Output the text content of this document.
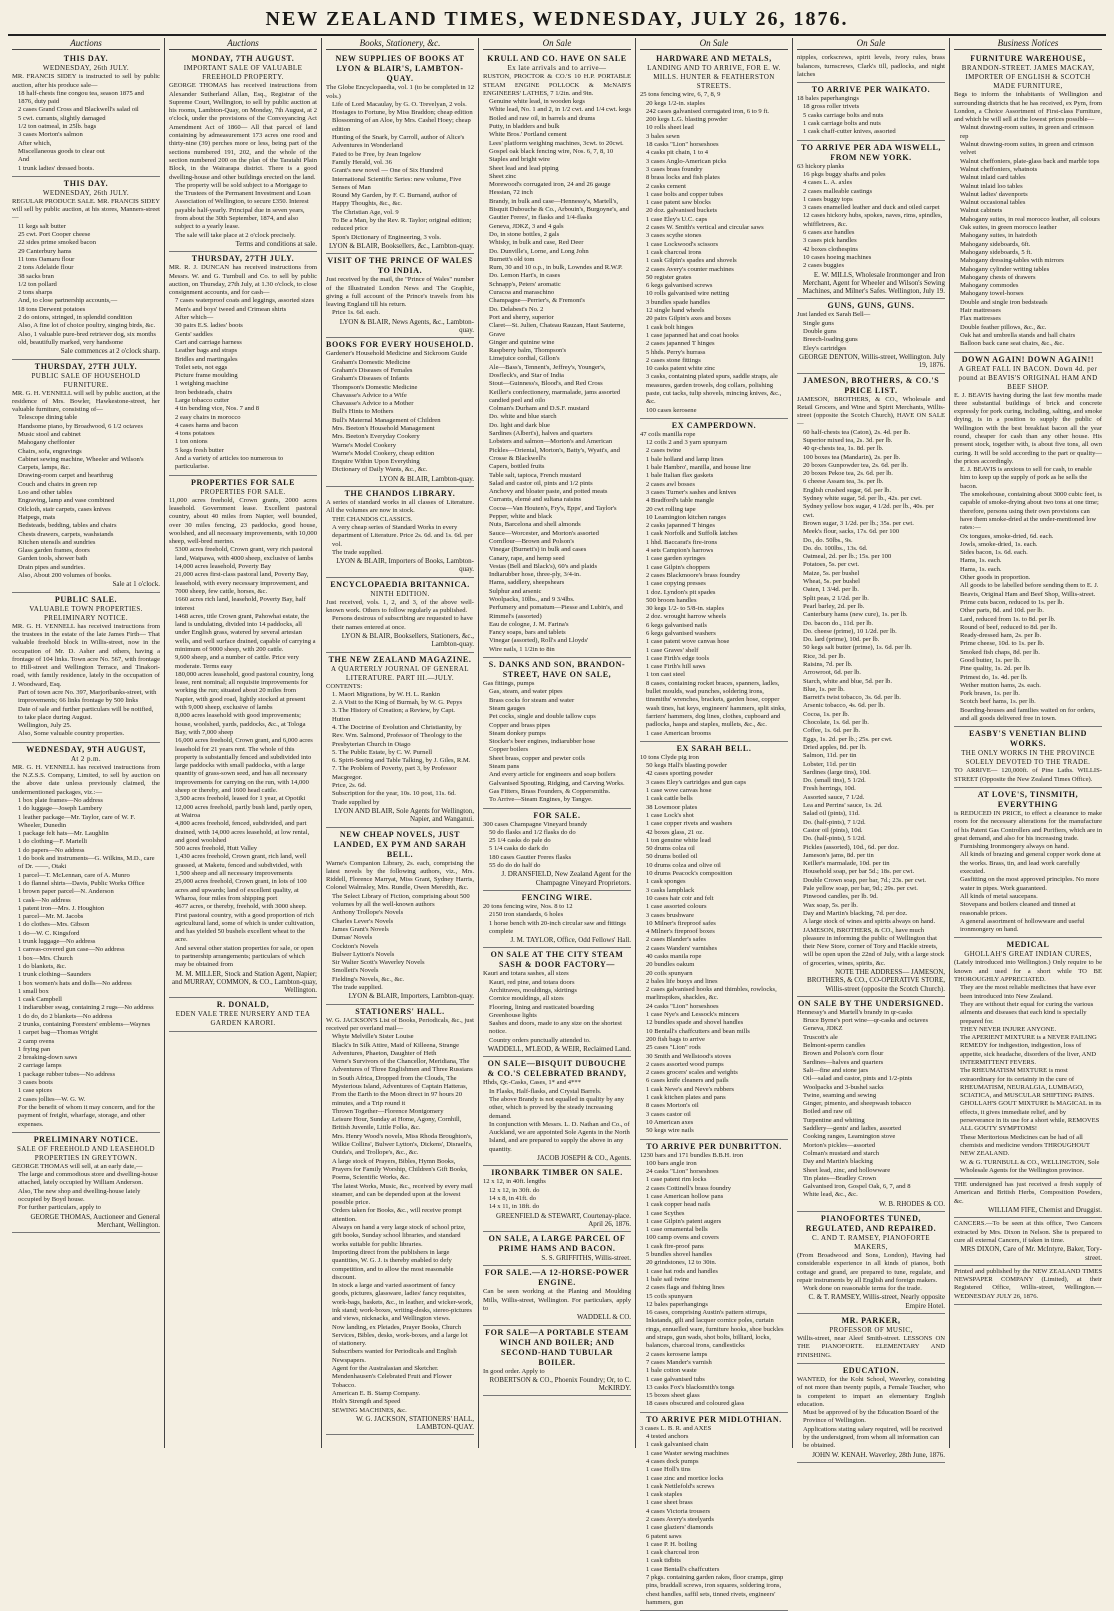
NEW ZEALAND TIMES, WEDNESDAY, JULY 26, 1876.
Auctions
THIS DAY.
WEDNESDAY, 26th JULY.
MR. FRANCIS SIDEY is instructed to sell by public auction, after his produce sale—
18 half-chests fine congou tea, season 1875 and 1876, duty paid
2 cases Grand Cross and Blackwell's salad oil
5 cwt. currants, slightly damaged
1/2 ton oatmeal, in 25lb. bags
3 cases Morton's salmon
After which,
Miscellaneous goods to clear out
And
1 trunk ladies' dressed boots.
THIS DAY.
WEDNESDAY, 26th JULY.
REGULAR PRODUCE SALE. MR. FRANCIS SIDEY will sell by public auction, at his stores, Manners-street—
11 kegs salt butter
25 cwt. Port Cooper cheese
22 sides prime smoked bacon
29 Canterbury hams
11 tons Oamaru flour
2 tons Adelaide flour
38 sacks bran
1/2 ton pollard
2 tons sharps
And, to close partnership accounts,—
18 tons Derwent potatoes
2 do onions, stringed, in splendid condition
Also, A fine lot of choice poultry, singing birds, &c.
Also, 1 valuable pure-bred retriever dog, six months old, beautifully marked, very handsome
Sale commences at 2 o'clock sharp.
THURSDAY, 27TH JULY.
PUBLIC SALE OF HOUSEHOLD FURNITURE.
MR. G. H. VENNELL will sell by public auction, at the residence of Mrs. Bowler, Hawkestone-street, her valuable furniture, consisting of—
Telescope dining table
Handsome piano, by Broadwood, 6 1/2 octaves
Music stool and cabinet
Mahogany cheffonier
Chairs, sofa, engravings
Cabinet sewing machine, Wheeler and Wilson's
Carpets, lamps, &c.
Drawing-room carpet and hearthrug
Couch and chairs in green rep
Loo and other tables
Engraving, lamp and vase combined
Oilcloth, stair carpets, cases knives
Hatpegs, mats
Bedsteads, bedding, tables and chairs
Chests drawers, carpets, washstands
Kitchen utensils and sundries
Glass garden frames, doors
Garden tools, shower bath
Drain pipes and sundries.
Also, About 200 volumes of books.
Sale at 1 o'clock.
PUBLIC SALE.
VALUABLE TOWN PROPERTIES. PRELIMINARY NOTICE.
MR. G. H. VENNELL has received instructions from the trustees in the estate of the late James Firth— That valuable freehold block in Willis-street, now in the occupation of Mr. D. Asher and others, having a frontage of 104 links. Town acre No. 567, with frontage to Hill-street and Wellington Terrace, and Tinakori-road, with family residence, lately in the occupation of J. Woodward, Esq.
Part of town acre No. 397, Marjoribanks-street, with improvements; 66 links frontage by 500 links
Date of sale and further particulars will be notified, to take place during August.
Wellington, July 25.
Also, Some valuable country properties.
WEDNESDAY, 9TH AUGUST,
At 2 p.m.
MR. G. H. VENNELL has received instructions from the N.Z.S.S. Company, Limited, to sell by auction on the above date unless previously claimed, the undermentioned packages, viz.:—
1 box plate frames—No address
1 do luggage—Joseph Lambery
1 leather package—Mr. Taylor, care of W. F. Wheeler, Dunedin
1 package felt hats—Mr. Laughlin
1 do clothing—F. Martelli
1 do papers—No address
1 do book and instruments—G. Wilkins, M.D., care of Dr. ——, Otaki
1 parcel—T. McLennan, care of A. Munro
1 do flannel shirts—Davis, Public Works Office
1 brown paper parcel—N. Anderson
1 cask—No address
1 patent iron—Mrs. J. Houghton
1 parcel—Mr. M. Jacobs
1 do clothes—Mrs. Gibson
1 do—W. C. Kingsford
1 trunk luggage—No address
1 canvas-covered gun case—No address
1 box—Mrs. Church
1 do blankets, &c.
1 trunk clothing—Saunders
1 box women's hats and dolls—No address
1 small box
1 cask Campbell
1 indiarubber swag, containing 2 rugs—No address
1 do do, do 2 blankets—No address
2 trunks, containing Foresters' emblems—Waynes
1 carpet bag—Thomas Wright
2 camp ovens
1 frying pan
2 breaking-down saws
2 carriage lamps
1 package rubber tubes—No address
3 cases boots
1 case spices
2 cases jollies—W. G. W.
For the benefit of whom it may concern, and for the payment of freight, wharfage, storage, and other expenses.
PRELIMINARY NOTICE.
SALE OF FREEHOLD AND LEASEHOLD PROPERTIES IN GREYTOWN.
GEORGE THOMAS will sell, at an early date,—
The large and commodious store and dwelling-house attached, lately occupied by William Anderson.
Also, The new shop and dwelling-house lately occupied by Boyd house.
For further particulars, apply to
GEORGE THOMAS, Auctioneer and General Merchant, Wellington.
Auctions
MONDAY, 7TH AUGUST.
IMPORTANT SALE OF VALUABLE FREEHOLD PROPERTY.
GEORGE THOMAS has received instructions from Alexander Sutherland Allan, Esq., Registrar of the Supreme Court, Wellington, to sell by public auction at his rooms, Lambton-Quay, on Monday, 7th August, at 2 o'clock, under the provisions of the Conveyancing Act Amendment Act of 1860— All that parcel of land containing by admeasurement 173 acres one rood and thirty-nine (39) perches more or less, being part of the sections numbered 191, 202, and the whole of the section numbered 200 on the plan of the Taratahi Plain Block, in the Wairarapa district. There is a good dwelling-house and other buildings erected on the land.
The property will be sold subject to a Mortgage to the Trustees of the Permanent Investment and Loan Association of Wellington, to secure £350. Interest payable half-yearly. Principal due in seven years, from about the 30th September, 1874, and also subject to a yearly lease.
The sale will take place at 2 o'clock precisely.
Terms and conditions at sale.
THURSDAY, 27TH JULY.
MR. R. J. DUNCAN has received instructions from Messrs. W. and G. Turnbull and Co. to sell by public auction, on Thursday, 27th July, at 1.30 o'clock, to close consignment accounts, and for cash—
7 cases waterproof coats and leggings, assorted sizes
Men's and boys' tweed and Crimean shirts
After which—
30 pairs E.S. ladies' boots
Gents' saddles
Cart and carriage harness
Leather bags and straps
Bridles and martingales
Toilet sets, not eggs
Picture frame moulding
1 weighing machine
Iron bedsteads, chairs
Large tobacco cutter
4 tin bending vice, Nos. 7 and 8
2 easy chairs in morocco
4 cases hams and bacon
4 tons potatoes
1 ton onions
5 kegs fresh butter
And a variety of articles too numerous to particularise.
PROPERTIES FOR SALE
PROPERTIES FOR SALE.
11,000 acres freehold, Crown grants, 2000 acres leasehold. Government lease. Excellent pastoral country, about 40 miles from Napier, well bounded, over 30 miles fencing, 23 paddocks, good house, woolshed, and all necessary improvements, with 10,000 sheep, well-bred merino.
5300 acres freehold, Crown grant, very rich pastoral land, Waipawa, with 4000 sheep, exclusive of lambs
14,000 acres leasehold, Poverty Bay
21,000 acres first-class pastoral land, Poverty Bay, leasehold, with every necessary improvement, and 7000 sheep, few cattle, horses, &c.
1660 acres rich land, leasehold, Poverty Bay, half interest
1468 acres, title Crown grant, Pahowhai estate, the land is undulating, divided into 14 paddocks, all under English grass, watered by several artesian wells, and well surface drained, capable of carrying a minimum of 9000 sheep, with 200 cattle.
9,600 sheep, and a number of cattle. Price very moderate. Terms easy
180,000 acres leasehold, good pastoral country, long lease, rent nominal; all requisite improvements for working the run; situated about 20 miles from Napier, with good road, lightly stocked at present with 9,000 sheep, exclusive of lambs
8,000 acres leasehold with good improvements; house, woolshed, yards, paddocks, &c., at Tologa Bay, with 7,000 sheep
16,000 acres freehold, Crown grant, and 6,000 acres leasehold for 21 years rent. The whole of this property is substantially fenced and subdivided into large paddocks with small paddocks, with a large quantity of grass-sown seed, and has all necessary improvements for carrying on the run, with 14,000 sheep or thereby, and 1600 head cattle.
3,500 acres freehold, leased for 1 year, at Opotiki
12,000 acres freehold, partly bush land, partly open, at Wairoa
4,800 acres freehold, fenced, subdivided, and part drained, with 14,000 acres leasehold, at low rental, and good woolshed
500 acres freehold, Hutt Valley
1,430 acres freehold, Crown grant, rich land, well grassed, at Maketu, fenced and subdivided, with 1,500 sheep and all necessary improvements
25,000 acres freehold, Crown grant, in lots of 100 acres and upwards; land of excellent quality, at Wharoa, four miles from shipping port
4677 acres, or thereby, freehold, with 3000 sheep. First pastoral country, with a good proportion of rich agricultural land, some of which is under cultivation, and has yielded 50 bushels excellent wheat to the acre.
And several other station properties for sale, or open to partnership arrangements; particulars of which may be obtained from
M. M. MILLER, Stock and Station Agent, Napier; and MURRAY, COMMON, & CO., Lambton-quay, Wellington.
R. DONALD,
EDEN VALE TREE NURSERY AND TEA GARDEN KARORI.
Books, Stationery, &c.
NEW SUPPLIES OF BOOKS AT LYON & BLAIR'S, LAMBTON-QUAY.
The Globe Encyclopaedia, vol. 1 (to be completed in 12 vols.)
Life of Lord Macaulay, by G. O. Trevelyan, 2 vols.
Hostages to Fortune, by Miss Braddon; cheap edition
Blossoming of an Aloe, by Mrs. Cashel Hoey; cheap edition
Hunting of the Snark, by Carroll, author of Alice's Adventures in Wonderland
Fated to be Free, by Jean Ingelow
Family Herald, vol. 36
Grant's new novel — One of Six Hundred
International Scientific Series: new volume, Five Senses of Man
Round My Garden, by F. C. Burnand, author of Happy Thoughts, &c., &c.
The Christian Age, vol. 9
To Be a Man, by the Rev. R. Taylor; original edition; reduced price
Spon's Dictionary of Engineering, 3 vols.
LYON & BLAIR, Booksellers, &c., Lambton-quay.
VISIT OF THE PRINCE OF WALES TO INDIA.
Just received by the mail, the "Prince of Wales" number of the Illustrated London News and The Graphic, giving a full account of the Prince's travels from his leaving England till his return.
Price 1s. 6d. each.
LYON & BLAIR, News Agents, &c., Lambton-quay.
BOOKS FOR EVERY HOUSEHOLD.
Gardener's Household Medicine and Sickroom Guide
Graham's Domestic Medicine
Graham's Diseases of Females
Graham's Diseases of Infants
Thompson's Domestic Medicine
Chavasse's Advice to a Wife
Chavasse's Advice to a Mother
Bull's Hints to Mothers
Bull's Maternal Management of Children
Mrs. Beeton's Household Management
Mrs. Beeton's Everyday Cookery
Warne's Model Cookery
Warne's Model Cookery, cheap edition
Enquire Within Upon Everything
Dictionary of Daily Wants, &c., &c.
LYON & BLAIR, Lambton-quay.
THE CHANDOS LIBRARY.
A series of standard works in all classes of Literature. All the volumes are now in stock.
THE CHANDOS CLASSICS.
A very cheap series of Standard Works in every department of Literature. Price 2s. 6d. and 1s. 6d. per vol.
The trade supplied.
LYON & BLAIR, Importers of Books, Lambton-quay.
ENCYCLOPAEDIA BRITANNICA.
NINTH EDITION.
Just received, vols. 1, 2, and 3, of the above well-known work. Others to follow regularly as published.
Persons desirous of subscribing are requested to have their names entered at once.
LYON & BLAIR, Booksellers, Stationers, &c., Lambton-quay.
THE NEW ZEALAND MAGAZINE.
A QUARTERLY JOURNAL OF GENERAL LITERATURE. PART III.—JULY.
CONTENTS:
1. Maori Migrations, by W. H. L. Rankin
2. A Visit to the King of Burmah, by W. G. Pepys
3. The History of Creation; a Review, by Capt. Hutton
4. The Doctrine of Evolution and Christianity, by Rev. Wm. Salmond, Professor of Theology to the Presbyterian Church in Otago
5. The Public Estate, by C. W. Purnell
6. Spirit-Seeing and Table Talking, by J. Giles, R.M.
7. The Problem of Poverty, part 3, by Professor Macgregor.
Price, 2s. 6d.
Subscription for the year, 10s. 10 post, 11s. 6d.
Trade supplied by
LYON AND BLAIR, Sole Agents for Wellington, Napier, and Wanganui.
NEW CHEAP NOVELS, JUST LANDED, EX PYM AND SARAH BELL.
Warne's Companion Library, 2s. each, comprising the latest novels by the following authors, viz., Mrs. Riddell, Florence Marryat, Miss Grant, Sydney Harris, Colonel Walmsley, Mrs. Rundle, Owen Meredith, &c.
The Select Library of Fiction, comprising about 500 volumes by all the well-known authors
Anthony Trollope's Novels
Charles Lever's Novels
James Grant's Novels
Dumas' Novels
Cockton's Novels
Bulwer Lytton's Novels
Sir Walter Scott's Waverley Novels
Smollett's Novels
Fielding's Novels, &c., &c.
The trade supplied.
LYON & BLAIR, Importers, Lambton-quay.
STATIONERS' HALL.
W. G. JACKSON'S List of Books, Periodicals, &c., just received per overland mail—
Whyte Melville's Sister Louise
Black's In Silk Attire, Maid of Killeena, Strange Adventures, Phaeton, Daughter of Heth
Verne's Survivors of the Chancellor, Meridiana, The Adventures of Three Englishmen and Three Russians in South Africa, Dropped from the Clouds, The Mysterious Island, Adventures of Captain Hatteras, From the Earth to the Moon direct in 97 hours 20 minutes, and a Trip round it
Thrown Together—Florence Montgomery
Leisure Hour, Sunday at Home, Agony, Cornhill, British Juvenile, Little Folks, &c.
Mrs. Henry Wood's novels, Miss Rhoda Broughton's, Wilkie Collins', Bulwer Lytton's, Dickens', Disraeli's, Ouida's, and Trollope's, &c., &c.
A large stock of Prayers, Bibles, Hymn Books, Prayers for Family Worship, Children's Gift Books, Poems, Scientific Works, &c.
The latest Works, Music, &c., received by every mail steamer, and can be depended upon at the lowest possible price.
Orders taken for Books, &c., will receive prompt attention.
Always on hand a very large stock of school prize, gift books, Sunday school libraries, and standard works suitable for public libraries.
Importing direct from the publishers in large quantities, W. G. J. is thereby enabled to defy competition, and to allow the most reasonable discount.
In stock a large and varied assortment of fancy goods, pictures, glassware, ladies' fancy requisites, work-bags, baskets, &c., in leather, and wicker-work, ink stand; work-boxes, writing-desks, stereo-pictures and views, nicknacks, and Wellington views.
Now landing, ex Pleiades, Prayer Books, Church Services, Bibles, desks, work-boxes, and a large lot of stationery.
Subscribers wanted for Periodicals and English Newspapers.
Agent for the Australasian and Sketcher.
Mendenhausen's Celebrated Fruit and Flower Tobacco.
American E. B. Stamp Company.
Holt's Strength and Speed
SEWING MACHINES, &c.
W. G. JACKSON, STATIONERS' HALL, LAMBTON-QUAY.
On Sale
KRULL AND CO. HAVE ON SALE
Ex late arrivals and to arrive—
RUSTON, PROCTOR & CO.'S 10 H.P. PORTABLE STEAM ENGINE POLLOCK & McNAB'S ENGINEERS' LATHES, 7 1/2in. and 9in.
Genuine white lead, in wooden kegs
White lead, No. 1 and 2, in 1/2 cwt. and 1/4 cwt. kegs
Boiled and raw oil, in barrels and drums
Putty, in bladders and bulk
White Bros.' Portland cement
Lees' platform weighing machines, 3cwt. to 20cwt.
Gospel oak black fencing wire, Nos. 6, 7, 8, 10
Staples and bright wire
Sheet lead and lead piping
Sheet zinc
Morewood's corrugated iron, 24 and 26 gauge
Hessian, 72 inch
Brandy, in bulk and case—Hennessy's, Martell's, Bisquit Dubouche & Co., Arbouin's, Burgoyne's, and Gautier Freres', in flasks and 1/4-flasks
Geneva, JDKZ, 3 and 4 gals
Do, in stone bottles, 2 gals
Whisky, in bulk and case, Red Deer
Do. Dunville's, Lorne, and Long John
Burnett's old tom
Rum, 30 and 10 o.p., in bulk, Lowndes and R.W.P.
Do. Lemon Hart's, in cases
Schnapp's, Peters' aromatic
Curacoa and maraschino
Champagne—Perrier's, & Fremont's
Do. Delabest's No. 2
Port and sherry, superior
Claret—St. Julien, Chateau Rauzan, Haut Sauterne, Grave
Ginger and quinine wine
Raspberry balm, Thompson's
Limejuice cordial, Gillon's
Ale—Bass's, Tennent's, Jeffrey's, Younger's, Dosfleck's, and Star of India
Stout—Guinness's, Blood's, and Red Cross
Keiller's confectionery, marmalade, jams assorted candied peel and oilo
Colman's Durham and D.S.F. mustard
Do. white and blue starch
Do. light and dark blue
Sardines (Albert's), halves and quarters
Lobsters and salmon—Morton's and American
Pickles—Oriental, Morton's, Batty's, Wyatt's, and Crosse & Blackwell's
Capers, bottled fruits
Table salt, tapioca, French mustard
Salad and castor oil, pints and 1/2 pints
Anchovy and bloater paste, and potted meats
Currants, elemé and sultana raisins
Cocoa—Van Houten's, Fry's, Epps', and Taylor's
Pepper, white and black
Nuts, Barcelona and shell almonds
Sauce—Worcester, and Morton's assorted
Cornflour—Brown and Polson's
Vinegar (Burnett's) in bulk and cases
Canary, rape, and hemp seed
Vestas (Bell and Black's), 60's and plaids
Indiarubber hose, three-ply, 3/4-in.
Hams, saddlery, sheepshears
Sulphur and arsenic
Woolpacks, 10lbs., and 9 3/4lbs.
Perfumery and pomatum—Piesse and Lubin's, and Rimmel's (assorted)
Eau de cologne, J. M. Farina's
Fancy soaps, bars and tablets
Vinegar (assorted), Roll's and Lloyds'
Wire nails, 1 1/2in to 8in
S. DANKS AND SON, BRANDON-STREET, HAVE ON SALE,
Gas fittings, pumps
Gas, steam, and water pipes
Brass cocks for steam and water
Steam gauges
Pet cocks, single and double tallow cups
Copper and brass pipes
Steam donkey pumps
Stocker's beer engines, indiarubber hose
Copper boilers
Sheet brass, copper and pewter coils
Steam pans
And every article for engineers and soap boilers
Galvanised Spouting, Ridging, and Carving Works.
Gas Fitters, Brass Founders, & Coppersmiths.
To Arrive—Steam Engines, by Tangye.
FOR SALE.
300 cases Champagne Vineyard brandy
50 do flasks and 1/2 flasks do do
25 1/4 casks do pale do
5 1/4 casks do dark do
180 cases Gautier Freres flasks
55 do do do half do
J. DRANSFIELD, New Zealand Agent for the Champagne Vineyard Proprietors.
FENCING WIRE.
20 tons fencing wire, Nos. 8 to 12
2150 iron standards, 6 holes
1 horse bench with 20-inch circular saw and fittings complete
J. M. TAYLOR, Office, Odd Fellows' Hall.
ON SALE AT THE CITY STEAM SASH & DOOR FACTORY—
Kauri and totara sashes, all sizes
Kauri, red pine, and totara doors
Architraves, mouldings, skirtings
Cornice mouldings, all sizes
Flooring, lining and rusticated boarding
Greenhouse lights
Sashes and doors, made to any size on the shortest notice.
Country orders punctually attended to.
WADDELL, M'LEOD, & WEIR, Reclaimed Land.
ON SALE—BISQUIT DUBOUCHE & CO.'S CELEBRATED BRANDY,
Hhds, Qr.-Casks, Cases, 1* and 4***
In Flasks, Half-flasks, and Crystal Barrels.
The above Brandy is not equalled in quality by any other, which is proved by the steady increasing demand.
In conjunction with Messrs. L. D. Nathan and Co., of Auckland, we are appointed Sole Agents in the North Island, and are prepared to supply the above in any quantity.
JACOB JOSEPH & CO., Agents.
IRONBARK TIMBER ON SALE.
12 x 12, in 40ft. lengths
12 x 12, in 30ft. do
14 x 8, in 41ft. do
14 x 11, in 18ft. do
GREENFIELD & STEWART, Courtenay-place. April 26, 1876.
ON SALE, A LARGE PARCEL OF PRIME HAMS AND BACON.
S. S. GRIFFITHS, Willis-street.
FOR SALE.—A 12-HORSE-POWER ENGINE.
Can be seen working at the Planing and Moulding Mills, Willis-street, Wellington. For particulars, apply to
WADDELL & CO.
FOR SALE—A PORTABLE STEAM WINCH AND BOILER; AND SECOND-HAND TUBULAR BOILER.
In good order. Apply to
ROBERTSON & CO., Phoenix Foundry; Or, to C. McKIRDY.
On Sale
HARDWARE AND METALS,
LANDING AND TO ARRIVE, FOR E. W. MILLS. HUNTER & FEATHERSTON STREETS.
25 tons fencing wire, 6, 7, 8, 9
20 kegs 1/2-in. staples
242 cases galvanised corrugated iron, 6 to 9 ft.
200 kegs L.G. blasting powder
10 rolls sheet lead
3 bales sewn
18 casks "Lion" horseshoes
4 casks pit chain, 1 to 4
3 cases Anglo-American picks
3 cases brass foundry
8 brass locks and fish plates
2 casks cement
1 case bolts and copper tubes
1 case patent saw blocks
20 doz. galvanised buckets
1 case Eley's U.C. caps
2 cases W. Smith's vertical and circular saws
3 cases scythe stones
1 case Lockwood's scissors
1 cask charcoal irons
1 cask Gilpin's spades and shovels
2 cases Avery's counter machines
50 register grates
6 kegs galvanised screws
10 rolls galvanised wire netting
3 bundles spade handles
12 single hand wheels
20 pairs Gilpin's axes and boxes
1 cask bolt hinges
1 case japanned hat and coat hooks
2 cases japanned T hinges
5 hhds. Perry's hurrass
2 cases stone fittings
10 casks patent white zinc
3 casks, containing plated spurs, saddle straps, ale measures, garden trowels, dog collars, polishing paste, cut tacks, tulip shovels, mincing knives, &c., &c.
100 cases kerosene
EX CAMPERDOWN.
47 coils manilla rope
12 coils 2 and 3 yarn spunyarn
2 cases twine
1 bale holland and lamp lines
1 bale Hambro', manilla, and house line
1 bale Italian flax gaskets
2 cases awl bosses
3 cases Turner's sashes and knives
4 Bradford's table mangle
20 cwt rolling tape
10 Leamington kitchen ranges
2 casks japanned T hinges
1 cask Norfolk and Suffolk latches
1 hhd. Baccarat's fire-irons
4 sets Campion's harrows
1 case garden syringes
1 case Gilpin's choppers
2 cases Blackmoore's brass foundry
1 case copying presses
1 doz. Lyndon's pit spades
500 broom handles
30 kegs 1/2- to 5/8-in. staples
2 doz. wrought harrow wheels
6 kegs galvanised nails
6 kegs galvanised washers
1 case patent wove canvas hose
1 case Graves' shelf
1 case Firth's edge tools
1 case Firth's hill saws
1 ton cast steel
8 cases, containing rocket braces, spanners, ladles, bullet moulds, wad punches, soldering irons, tinsmiths' wrenches, brackets, garden hose, copper wash tines, hat keys, engineers' hammers, split sinks, farriers' hammers, dog lines, clothes, cupboard and padlocks, hasps and staples, mullets, &c., &c.
1 case American brooms
EX SARAH BELL.
10 tons Clyde pig iron
50 kegs Hall's blasting powder
42 cases sporting powder
3 cases Eley's cartridges and gun caps
1 case wove canvas hose
1 cask cattle bells
38 Lowmoor plates
1 case Lock's shot
1 case copper rivets and washers
42 boxes glass, 21 oz.
1 ton genuine white lead
50 drums colza oil
50 drums boiled oil
10 drums colza and olive oil
10 drums Peacock's composition
1 cask sponges
3 casks lampblack
10 cases hair coir and felt
1 case assorted colours
3 cases brushware
10 Milner's fireproof safes
4 Milner's fireproof boxes
2 cases Blander's safes
2 cases Wanders' varnishes
40 casks manila rope
20 bundles oakum
20 coils spunyarn
2 bales life buoys and lines
2 cases galvanised hooks and thimbles, rowlocks, marlinspikes, shackles, &c.
24 casks "Lion" horseshoes
1 case Nye's and Lessock's mincers
12 bundles spade and shovel handles
10 Bentall's chaffcutters and bean mills
200 fish bags to arrive
25 cases "Lion" rods
30 Smith and Wellstood's stoves
2 cases assorted wood pumps
2 cases grocers' scales and weights
6 cases knife cleaners and pails
1 cask Neve's and Neve's rubbers
1 cask kitchen plates and pans
8 cases Morton's oil
3 cases castor oil
10 American axes
50 kegs wire nails
TO ARRIVE PER DUNBRITTON.
1230 bars and 171 bundles B.B.H. iron
100 bars angle iron
24 casks "Lion" horseshoes
1 case patent rim locks
2 cases Cottinell's brass foundry
1 case American hollow pans
1 cask copper head nails
1 case Scythes
1 case Gilpin's patent augers
1 case ornamental bells
100 camp ovens and covers
1 cask fire-proof pans
5 bundles shovel handles
20 grindstones, 12 to 30in.
1 case hat rods and handles
1 bale sail twine
2 cases flags and fishing lines
15 coils spunyarn
12 bales paperhangings
16 cases, comprising Austin's pattern stirrups, Inkstands, gilt and lacquer cornice poles, curtain rings, ennuelled ware, furniture hooks, shoe buckles and straps, gun wads, shot bolts, billiard, locks, balances, charcoal irons, candlesticks
2 cases kerosene lamps
7 cases Mander's varnish
1 bale cotton waste
1 case galvanised tubs
13 casks Fox's blacksmith's tongs
15 boxes sheet glass
18 cases obscured and coloured glass
TO ARRIVE PER MIDLOTHIAN.
3 cases L. B. R. and AXES
4 tested anchors
1 cask galvanised chain
1 case Waster sewing machines
4 cases dock pumps
1 case Holl's tins
1 case zinc and mortice locks
1 cask Nettlefold's screws
1 cask staples
1 case sheet brass
4 cases Victoria trousers
2 cases Avery's steelyards
1 case glaziers' diamonds
6 patent saws
1 case P. H. boiling
1 cask charcoal iron
1 cask tidbits
1 case Bentall's chaffcutters
7 pkgs. containing garden rakes, floor cramps, gimp pins, braddall screws, iron squares, soldering irons, chest handles, saffil sets, tinned rivets, engineers' hammers, gun
On Sale
nipples, corkscrews, spirit levels, ivory rules, brass balances, turnscrews, Clark's till, padlocks, and night latches
TO ARRIVE PER WAIKATO.
18 bales paperhangings
18 gross roller trivets
5 casks carriage bolts and nuts
1 cask carriage bolts and nuts
1 cask chaff-cutter knives, assorted
TO ARRIVE PER ADA WISWELL, FROM NEW YORK.
63 hickory planks
16 pkgs buggy shafts and poles
4 cases L. A. axles
2 cases malleable castings
1 cases buggy tops
3 cases enamelled leather and duck and oiled carpet
12 cases hickory hubs, spokes, naves, rims, spindles, whiffletrees, &c.
6 cases axe handles
3 cases pick handles
42 boxes clothespins
10 cases hoeing machines
2 cases buggies
E. W. MILLS, Wholesale Ironmonger and Iron Merchant, Agent for Wheeler and Wilson's Sewing Machines, and Milner's Safes. Wellington, July 19.
GUNS, GUNS, GUNS.
Just landed ex Sarah Bell—
Single guns
Double guns
Breech-loading guns
Eley's cartridges
GEORGE DENTON, Willis-street, Wellington. July 19, 1876.
JAMESON, BROTHERS, & CO.'S PRICE LIST.
JAMESON, BROTHERS, & CO., Wholesale and Retail Grocers, and Wine and Spirit Merchants, Willis-street (opposite the Scotch Church), HAVE ON SALE—
60 half-chests tea (Caton), 2s. 4d. per lb.
Superior mixed tea, 2s. 3d. per lb.
40 qr-chests tea, 1s. 8d. per lb.
100 boxes tea (Mandarin), 2s. per lb.
20 boxes Gunpowder tea, 2s. 6d. per lb.
20 boxes Pekoe tea, 2s. 6d. per lb.
6 cheese Assam tea, 3s. per lb.
English crushed sugar, 6d. per lb.
Sydney white sugar, 5d. per lb., 42s. per cwt.
Sydney yellow box sugar, 4 1/2d. per lb., 40s. per cwt.
Brown sugar, 3 1/2d. per lb.; 35s. per cwt.
Meek's flour, sacks, 17s. 6d. per 100
Do., do. 50lbs., 9s.
Do. do. 100lbs., 13s. 6d.
Oatmeal, 2d. per lb.; 15s. per 100
Potatoes, 5s. per cwt.
Maize, 5s. per bushel
Wheat, 5s. per bushel
Oaten, 1 3/4d. per lb.
Split peas, 2 1/2d. per lb.
Pearl barley, 2d. per lb.
Canterbury hams (new cure), 1s. per lb.
Do. bacon do., 11d. per lb.
Do. cheese (prime), 10 1/2d. per lb.
Do. lard (prime), 10d. per lb.
50 kegs salt butter (prime), 1s. 6d. per lb.
Rice, 3d. per lb.
Raisins, 7d. per lb.
Arrowroot, 6d. per lb.
Starch, white and blue, 5d. per lb.
Blue, 1s. per lb.
Barrett's twist tobacco, 3s. 6d. per lb.
Arsenic tobacco, 4s. 6d. per lb.
Cocoa, 1s. per lb.
Chocolate, 1s. 6d. per lb.
Coffee, 1s. 6d. per lb.
Eggs, 1s. 2d. per lb.; 25s. per cwt.
Dried apples, 8d. per lb.
Salmon, 11d. per tin
Lobster, 11d. per tin
Sardines (large tins), 10d.
Do. (small tins), 5 1/2d.
Fresh herrings, 10d.
Assorted sauce, 7 1/2d.
Lea and Perrins' sauce, 1s. 2d.
Salad oil (pints), 11d.
Do. (half-pints), 7 1/2d.
Castor oil (pints), 10d.
Do. (half-pints), 5 1/2d.
Pickles (assorted), 10d., 6d. per doz.
Jameson's jams, 8d. per tin
Keiller's marmalade, 10d. per tin
Household soap, per bar 5d.; 18s. per cwt.
Double Crown soap, per bar, 7d.; 23s. per cwt.
Pale yellow soap, per bar, 9d.; 29s. per cwt.
Pinwood candles, per lb. 9d.
Wax soap, 5s. per lb.
Day and Martin's blacking, 7d. per doz.
A large stock of wines and spirits always on hand.
JAMESON, BROTHERS, & CO., have much pleasure in informing the public of Wellington that their New Store, corner of Tory and Hackle streets, will be open upon the 22nd of July, with a large stock of groceries, wines, spirits, &c.
NOTE THE ADDRESS— JAMESON, BROTHERS, & CO., CO-OPERATIVE STORE, Willis-street (opposite the Scotch Church).
ON SALE BY THE UNDERSIGNED.
Hennessy's and Martell's brandy in qr-casks
Bruce Byrne's port wine—qr-casks and octaves
Geneva, JDKZ
Truscott's ale
Belmont-sperm candles
Brown and Polson's corn flour
Sardines—halves and quarters
Salt—fine and stone jars
Oil—salad and castor, pints and 1/2-pints
Woolpacks and 3-bushel sacks
Twine, seaming and sewing
Ginger, pimento, and sheepwash tobacco
Boiled and raw oil
Turpentine and whiting
Saddlery—gents' and ladies, assorted
Cooking ranges, Leamington stove
Morton's pickles—assorted
Colman's mustard and starch
Day and Martin's blacking
Sheet lead, zinc, and hollowware
Tin plates—Bradley Crown
Galvanised iron, Gospel Oak, 6, 7, and 8
White lead, &c., &c.
W. B. RHODES & CO.
PIANOFORTES TUNED, REGULATED, AND REPAIRED.
C. AND T. RAMSEY, PIANOFORTE MAKERS,
(From Broadwood and Sons, London), Having had considerable experience in all kinds of pianos, both cottage and grand, are prepared to tune, regulate, and repair instruments by all English and foreign makers.
Work done on reasonable terms for the trade.
C. & T. RAMSEY, Willis-street, Nearly opposite Empire Hotel.
MR. PARKER,
PROFESSOR OF MUSIC,
Willis-street, near Aleef Smith-street. LESSONS ON THE PIANOFORTE. ELEMENTARY AND FINISHING.
EDUCATION.
WANTED, for the Kohi School, Waverley, consisting of not more than twenty pupils, a Female Teacher, who is competent to impart an elementary English education.
Must be approved of by the Education Board of the Province of Wellington.
Applications stating salary required, will be received by the undersigned, from whom all information can be obtained.
JOHN W. KENAH. Waverley, 28th June, 1876.
Business Notices
FURNITURE WAREHOUSE,
BRANDON-STREET. JAMES MACKAY, IMPORTER OF ENGLISH & SCOTCH MADE FURNITURE,
Begs to inform the inhabitants of Wellington and surrounding districts that he has received, ex Pym, from London, a Choice Assortment of First-class Furniture, and which he will sell at the lowest prices possible—
Walnut drawing-room suites, in green and crimson rep
Walnut drawing-room suites, in green and crimson velvet
Walnut cheffoniers, plate-glass back and marble tops
Walnut cheffoniers, whatnots
Walnut inlaid card tables
Walnut inlaid loo tables
Walnut ladies' davenports
Walnut occasional tables
Walnut cabinets
Mahogany suites, in real morocco leather, all colours
Oak suites, in green morocco leather
Mahogany suites, in hairdoth
Mahogany sideboards, 6ft.
Mahogany sideboards, 5 ft.
Mahogany dressing-tables with mirrors
Mahogany cylinder writing tables
Mahogany chests of drawers
Mahogany commodes
Mahogany towel-horses
Double and single iron bedsteads
Hair mattresses
Flax mattresses
Double feather pillows, &c., &c.
Oak hat and umbrella stands and hall chairs
Balloon back cane seat chairs, &c., &c.
DOWN AGAIN! DOWN AGAIN!!
A GREAT FALL IN BACON. Down 4d. per pound at BEAVIS'S ORIGINAL HAM AND BEEF SHOP.
E. J. BEAVIS having during the last few months made three substantial buildings of brick and concrete expressly for pork curing, including, salting, and smoke drying, is in a position to supply the public of Wellington with the best breakfast bacon all the year round, cheaper for cash than any other house. His present stock, together with, is about five tons, all own curing. It will be sold according to the part or quality—the prices accordingly.
E. J. BEAVIS is anxious to sell for cash, to enable him to keep up the supply of pork as he sells the bacon.
The smokehouse, containing about 3000 cubic feet, is capable of smoke-drying about two tons at one time; therefore, persons using their own provisions can have them smoke-dried at the under-mentioned low rates:—
Ox tongues, smoke-dried, 6d. each.
Jowls, smoke-dried, 1s. each.
Sides bacon, 1s. 6d. each.
Hams, 1s. each.
Hams, 1s. each.
Other goods in proportion.
All goods to be labelled before sending them to E. J. Beavis, Original Ham and Beef Shop, Willis-street.
Prime cuts bacon, reduced to 1s. per lb.
Other parts, 8d. and 10d. per lb.
Lard, reduced from 1s. to 8d. per lb.
Round of beef, reduced to 8d. per lb.
Ready-dressed ham, 2s. per lb.
Prime cheese, 10d. to 1s. per lb.
Smoked fish chaps, 8d. per lb.
Good butter, 1s. per lb.
Pine quality, 1s. 2d. per lb.
Primest do, 1s. 4d. per lb.
Wether mutton hams, 2s. each.
Pork brawn, 1s. per lb.
Scotch beef hams, 1s. per lb.
Boarding-houses and families waited on for orders, and all goods delivered free in town.
EASBY'S VENETIAN BLIND WORKS.
THE ONLY WORKS IN THE PROVINCE SOLELY DEVOTED TO THE TRADE.
TO ARRIVE— 120,000ft. of Pine Laths. WILLIS-STREET (Opposite the New Zealand Times Office).
AT LOVE'S, TINSMITH, EVERYTHING
is REDUCED IN PRICE, to effect a clearance to make room for the necessary alterations for the manufacture of his Patent Gas Controllers and Purifiers, which are in great demand, and also for his increasing trade.
Furnishing Ironmongery always on hand.
All kinds of brazing and general copper work done at the works. Brass, tin, and lead work carefully executed.
Gasfitting on the most approved principles. No more water in pipes. Work guaranteed.
All kinds of metal saucepans.
Stovepans and boilers cleaned and tinned at reasonable prices.
A general assortment of hollowware and useful ironmongery on hand.
MEDICAL
GHOLLAH'S GREAT INDIAN CURES,
(Lately introduced into Wellington.) Only require to be known and used for a short while TO BE THOROUGHLY APPRECIATED.
They are the most reliable medicines that have ever been introduced into New Zealand.
They are without their equal for curing the various ailments and diseases that each kind is specially prepared for.
THEY NEVER INJURE ANYONE.
The APERIENT MIXTURE is a NEVER FAILING REMEDY for indigestion, indigestion, loss of appetite, sick headache, disorders of the liver, AND INTERMITTENT FEVERS.
The RHEUMATISM MIXTURE is most extraordinary for its certainty in the cure of RHEUMATISM, NEURALGIA, LUMBAGO, SCIATICA, and MUSCULAR SHIFTING PAINS.
GHOLLAH'S GOUT MIXTURE Is MAGICAL in its effects, it gives immediate relief, and by perseverance in its use for a short while, REMOVES ALL GOUTY SYMPTOMS!
These Meritorious Medicines can be had of all chemists and medicine vendors THROUGHOUT NEW ZEALAND.
W. & G. TURNBULL & CO., WELLINGTON, Sole Wholesale Agents for the Wellington province.
THE undersigned has just received a fresh supply of American and British Herbs, Composition Powders, &c.
WILLIAM FIFE, Chemist and Druggist.
CANCERS.—To be seen at this office, Two Cancers extracted by Mrs. Dixon in Nelson. She is prepared to cure all external Cancers, if taken in time.
MRS DIXON, Care of Mr. McIntyre, Baker, Tory-street.
Printed and published by the NEW ZEALAND TIMES NEWSPAPER COMPANY (Limited), at their Registered Office, Willis-street, Wellington.—WEDNESDAY JULY 26, 1876.
